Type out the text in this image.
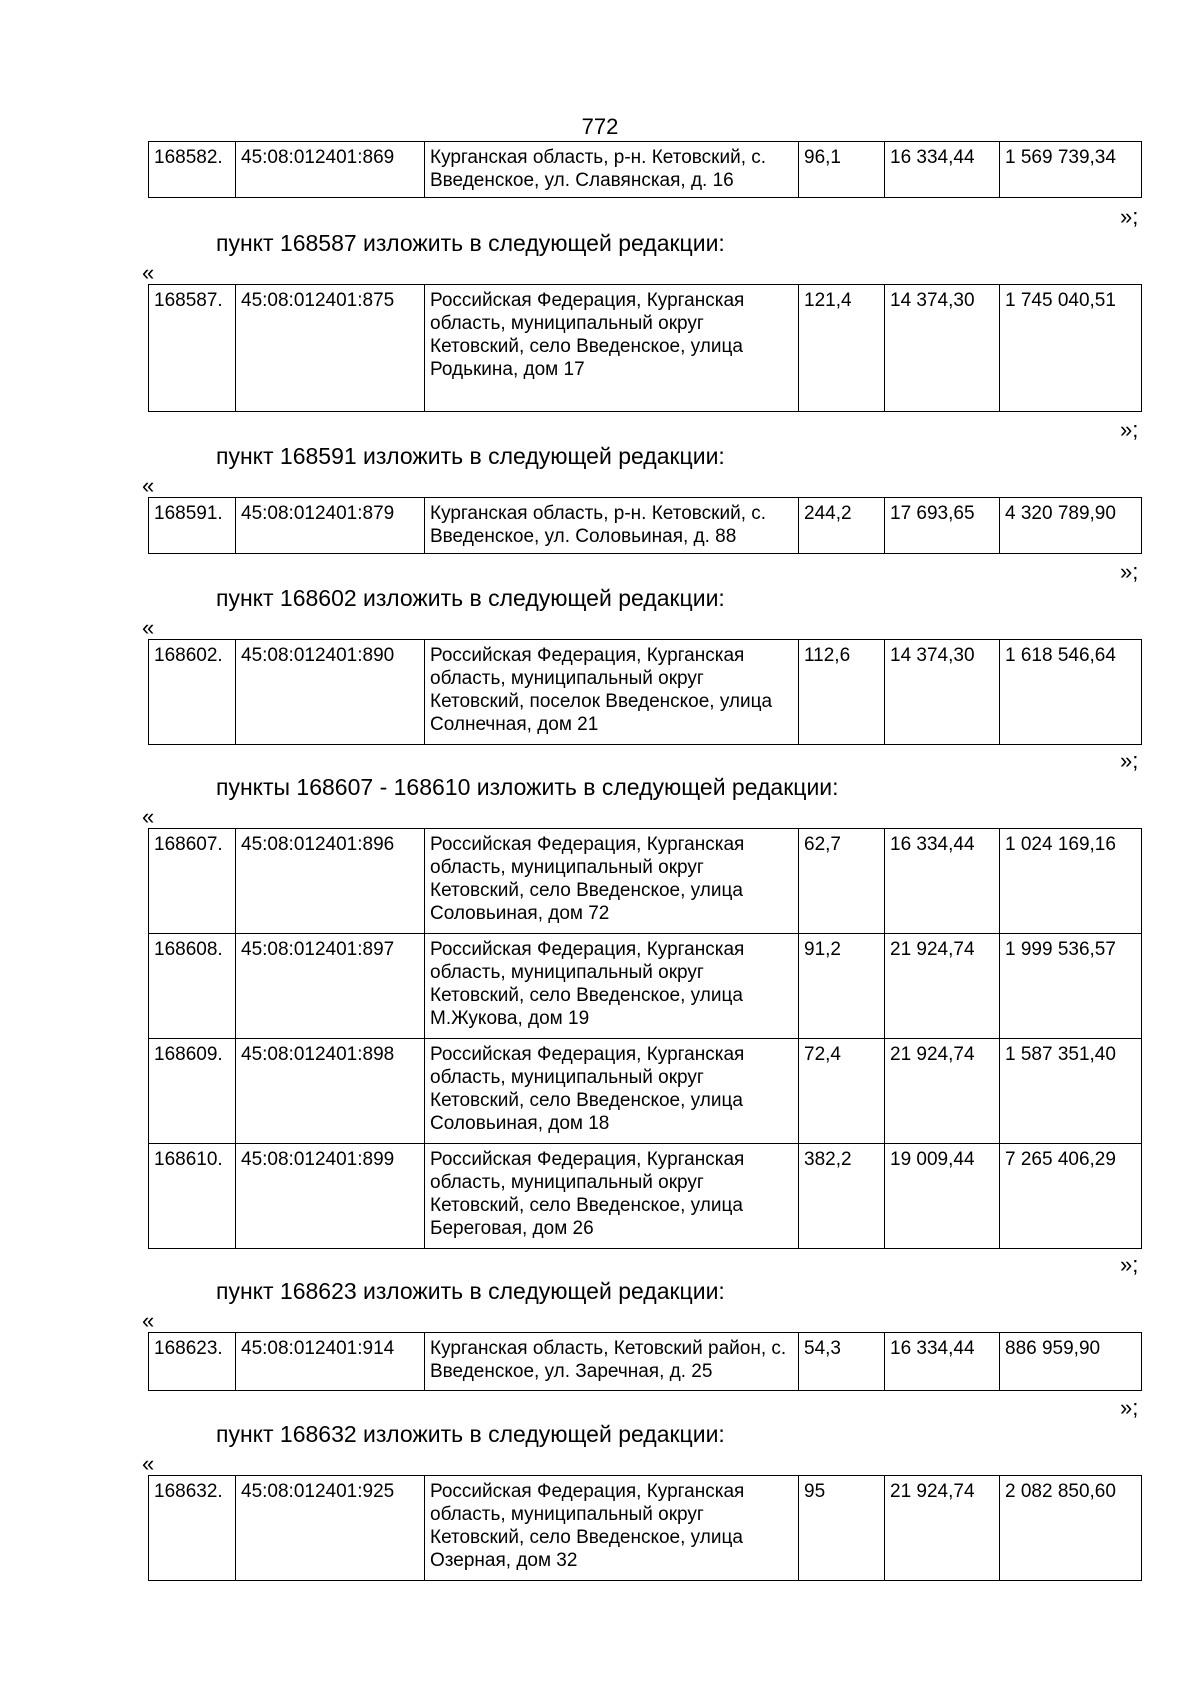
772
168582.	45:08:012401:869	Курганская область, р-н. Кетовский, с. Введенское, ул. Славянская, д. 16	96,1	16 334,44	1 569 739,34
»;
пункт 168587 изложить в следующей редакции:
«
168587.	45:08:012401:875	Российская Федерация, Курганская область, муниципальный округ Кетовский, село Введенское, улица Родькина, дом 17	121,4	14 374,30	1 745 040,51
»;
пункт 168591 изложить в следующей редакции:
«
168591.	45:08:012401:879	Курганская область, р-н. Кетовский, с. Введенское, ул. Соловьиная, д. 88	244,2	17 693,65	4 320 789,90
»;
пункт 168602 изложить в следующей редакции:
«
168602.	45:08:012401:890	Российская Федерация, Курганская область, муниципальный округ Кетовский, поселок Введенское, улица Солнечная, дом 21	112,6	14 374,30	1 618 546,64
»;
пункты 168607 - 168610 изложить в следующей редакции:
«
168607.	45:08:012401:896	Российская Федерация, Курганская область, муниципальный округ Кетовский, село Введенское, улица Соловьиная, дом 72	62,7	16 334,44	1 024 169,16
168608.	45:08:012401:897	Российская Федерация, Курганская область, муниципальный округ Кетовский, село Введенское, улица М.Жукова, дом 19	91,2	21 924,74	1 999 536,57
168609.	45:08:012401:898	Российская Федерация, Курганская область, муниципальный округ Кетовский, село Введенское, улица Соловьиная, дом 18	72,4	21 924,74	1 587 351,40
168610.	45:08:012401:899	Российская Федерация, Курганская область, муниципальный округ Кетовский, село Введенское, улица Береговая, дом 26	382,2	19 009,44	7 265 406,29
»;
пункт 168623 изложить в следующей редакции:
«
168623.	45:08:012401:914	Курганская область, Кетовский район, с. Введенское, ул. Заречная, д. 25	54,3	16 334,44	886 959,90
»;
пункт 168632 изложить в следующей редакции:
«
168632.	45:08:012401:925	Российская Федерация, Курганская область, муниципальный округ Кетовский, село Введенское, улица Озерная, дом 32	95	21 924,74	2 082 850,60
